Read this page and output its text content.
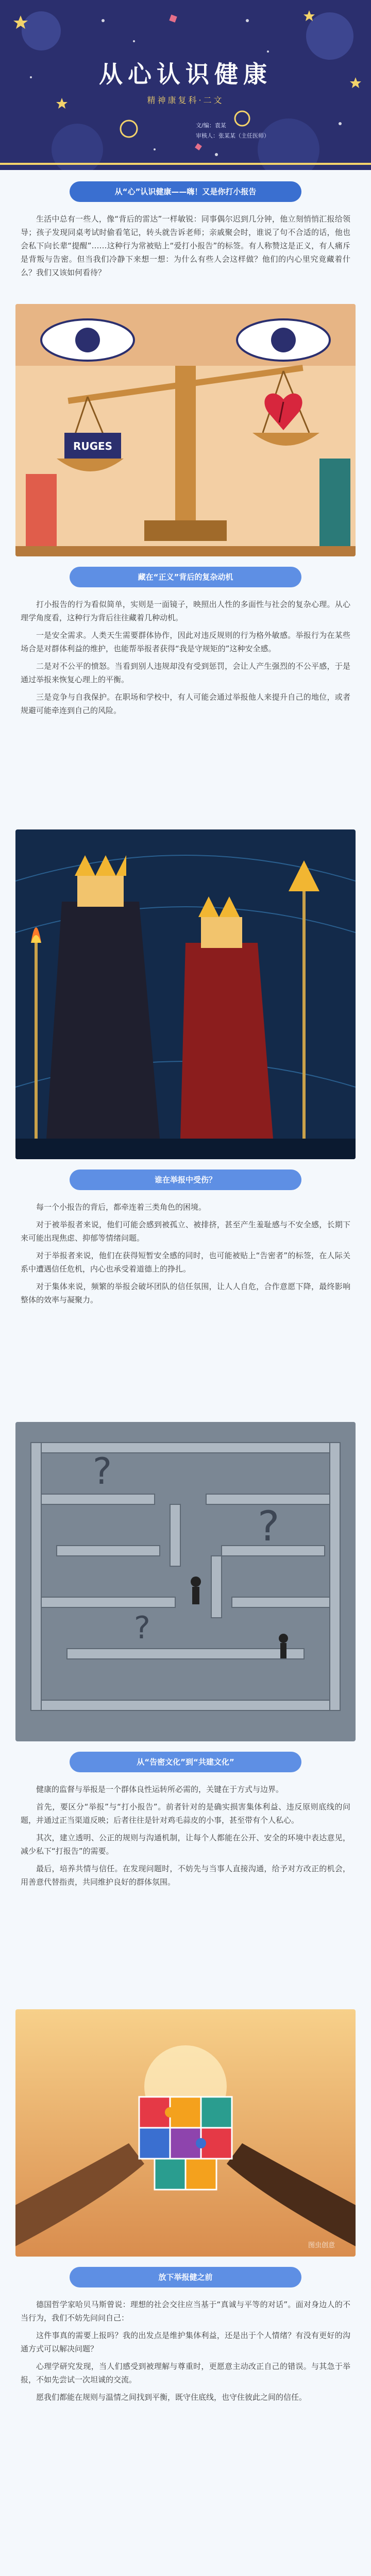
从心认识健康
精神康复科·二文
文/编：袁某
审核人：张某某（主任医师）
从“心”认识健康——嗨！又是你打小报告

生活中总有一些人，像“背后的雷达”一样敏锐：同事偶尔迟到几分钟，他立刻悄悄汇报给领导；孩子发现同桌考试时偷看笔记，转头就告诉老师；亲戚聚会时，谁说了句不合适的话，他也会私下向长辈“提醒”……这种行为常被贴上“爱打小报告”的标签。有人称赞这是正义，有人痛斥是背叛与告密。但当我们冷静下来想一想：为什么有些人会这样做？他们的内心里究竟藏着什么？我们又该如何看待？

RUGES
藏在“正义”背后的复杂动机

打小报告的行为看似简单，实则是一面镜子，映照出人性的多面性与社会的复杂心理。从心理学角度看，这种行为背后往往藏着几种动机。

一是安全需求。人类天生需要群体协作，因此对违反规则的行为格外敏感。举报行为在某些场合是对群体利益的维护，也能帮举报者获得“我是守规矩的”这种安全感。

二是对不公平的愤怒。当看到别人违规却没有受到惩罚，会让人产生强烈的不公平感，于是通过举报来恢复心理上的平衡。

三是竞争与自我保护。在职场和学校中，有人可能会通过举报他人来提升自己的地位，或者规避可能牵连到自己的风险。

谁在举报中受伤？

每一个小报告的背后，都牵连着三类角色的困境。

对于被举报者来说，他们可能会感到被孤立、被排挤，甚至产生羞耻感与不安全感，长期下来可能出现焦虑、抑郁等情绪问题。

对于举报者来说，他们在获得短暂安全感的同时，也可能被贴上“告密者”的标签，在人际关系中遭遇信任危机，内心也承受着道德上的挣扎。

对于集体来说，频繁的举报会破坏团队的信任氛围，让人人自危，合作意愿下降，最终影响整体的效率与凝聚力。

?
?
?
从“告密文化”到“共建文化”

健康的监督与举报是一个群体良性运转所必需的，关键在于方式与边界。

首先，要区分“举报”与“打小报告”。前者针对的是确实损害集体利益、违反原则底线的问题，并通过正当渠道反映；后者往往是针对鸡毛蒜皮的小事，甚至带有个人私心。

其次，建立透明、公正的规则与沟通机制，让每个人都能在公开、安全的环境中表达意见，减少私下“打报告”的需要。

最后，培养共情与信任。在发现问题时，不妨先与当事人直接沟通，给予对方改正的机会，用善意代替指责，共同维护良好的群体氛围。

图虫创意
放下举报健之前

德国哲学家哈贝马斯曾说：理想的社会交往应当基于“真诚与平等的对话”。面对身边人的不当行为，我们不妨先问问自己：

这件事真的需要上报吗？我的出发点是维护集体利益，还是出于个人情绪？有没有更好的沟通方式可以解决问题？

心理学研究发现，当人们感受到被理解与尊重时，更愿意主动改正自己的错误。与其急于举报，不如先尝试一次坦诚的交流。

愿我们都能在规则与温情之间找到平衡，既守住底线，也守住彼此之间的信任。
